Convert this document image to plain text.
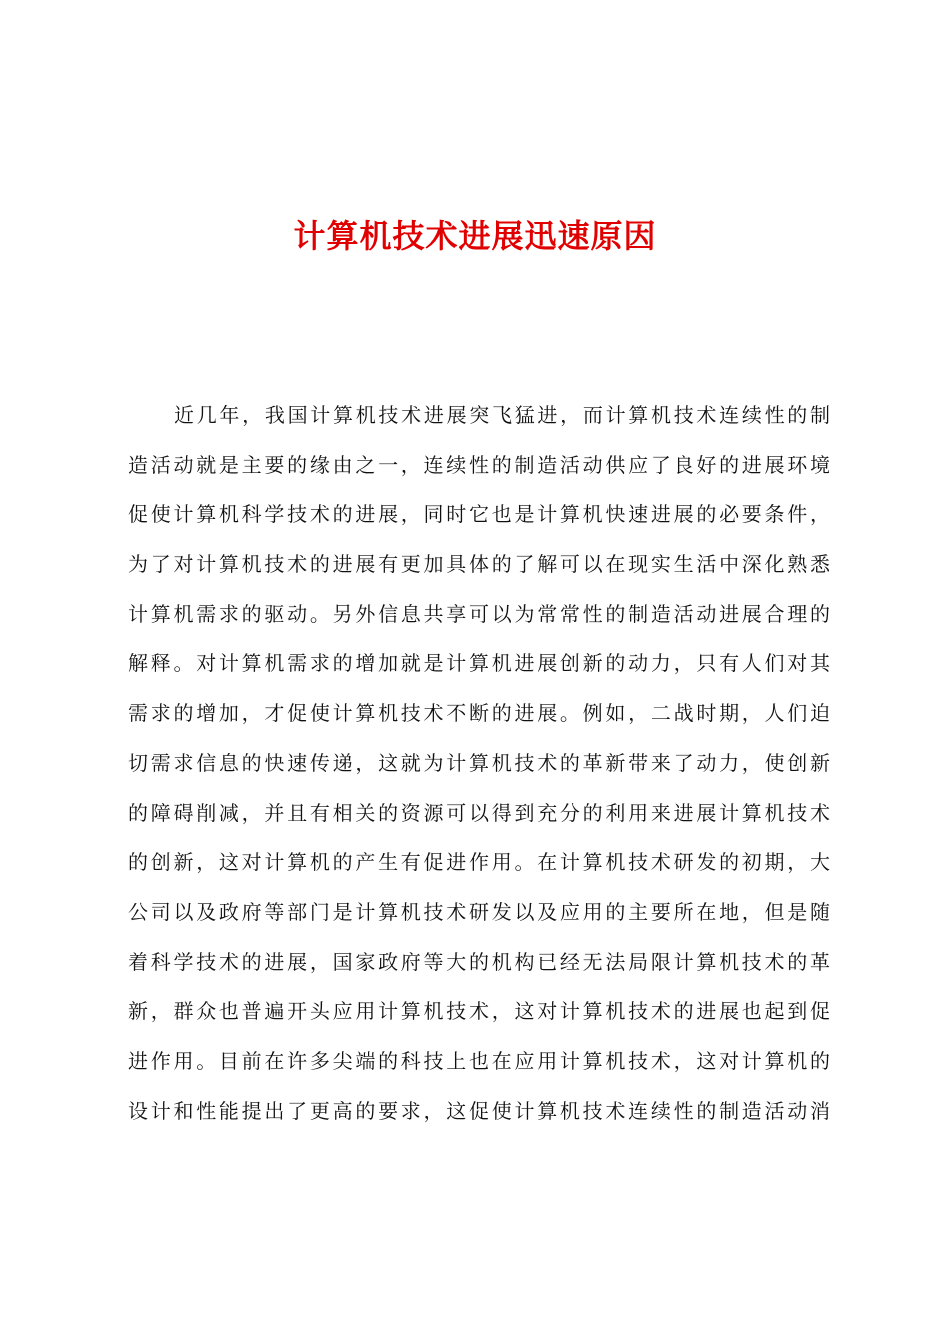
计算机技术进展迅速原因
近几年，我国计算机技术进展突飞猛进，而计算机技术连续性的制
造活动就是主要的缘由之一，连续性的制造活动供应了良好的进展环境
促使计算机科学技术的进展，同时它也是计算机快速进展的必要条件，
为了对计算机技术的进展有更加具体的了解可以在现实生活中深化熟悉
计算机需求的驱动。另外信息共享可以为常常性的制造活动进展合理的
解释。对计算机需求的增加就是计算机进展创新的动力，只有人们对其
需求的增加，才促使计算机技术不断的进展。例如，二战时期，人们迫
切需求信息的快速传递，这就为计算机技术的革新带来了动力，使创新
的障碍削减，并且有相关的资源可以得到充分的利用来进展计算机技术
的创新，这对计算机的产生有促进作用。在计算机技术研发的初期，大
公司以及政府等部门是计算机技术研发以及应用的主要所在地，但是随
着科学技术的进展，国家政府等大的机构已经无法局限计算机技术的革
新，群众也普遍开头应用计算机技术，这对计算机技术的进展也起到促
进作用。目前在许多尖端的科技上也在应用计算机技术，这对计算机的
设计和性能提出了更高的要求，这促使计算机技术连续性的制造活动消
